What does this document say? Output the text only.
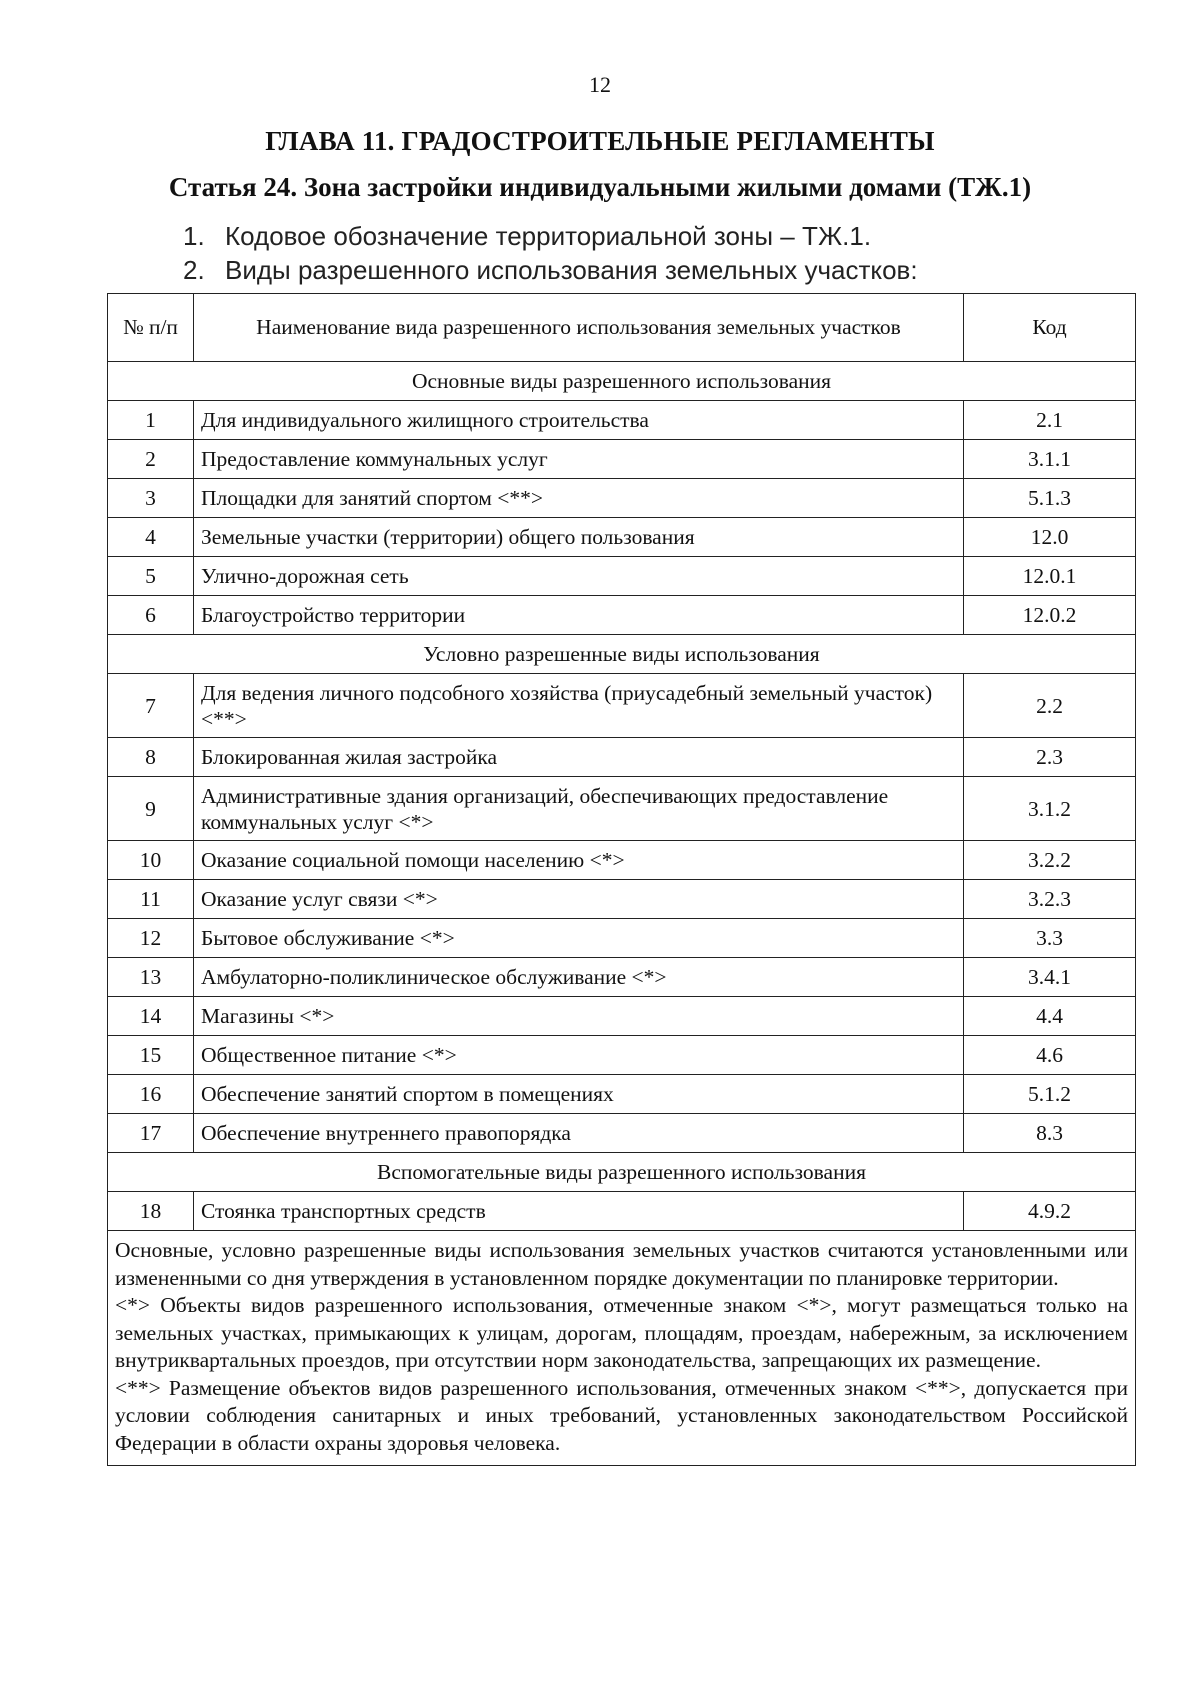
12
ГЛАВА 11. ГРАДОСТРОИТЕЛЬНЫЕ РЕГЛАМЕНТЫ
Статья 24. Зона застройки индивидуальными жилыми домами (ТЖ.1)
1. Кодовое обозначение территориальной зоны – ТЖ.1.
2. Виды разрешенного использования земельных участков:
№ п/п	Наименование вида разрешенного использования земельных участков	Код
Основные виды разрешенного использования		
1	Для индивидуального жилищного строительства	2.1
2	Предоставление коммунальных услуг	3.1.1
3	Площадки для занятий спортом <**>	5.1.3
4	Земельные участки (территории) общего пользования	12.0
5	Улично-дорожная сеть	12.0.1
6	Благоустройство территории	12.0.2
Условно разрешенные виды использования		
7	Для ведения личного подсобного хозяйства (приусадебный земельный участок) <**>	2.2
8	Блокированная жилая застройка	2.3
9	Административные здания организаций, обеспечивающих предоставление коммунальных услуг <*>	3.1.2
10	Оказание социальной помощи населению <*>	3.2.2
11	Оказание услуг связи <*>	3.2.3
12	Бытовое обслуживание <*>	3.3
13	Амбулаторно-поликлиническое обслуживание <*>	3.4.1
14	Магазины <*>	4.4
15	Общественное питание <*>	4.6
16	Обеспечение занятий спортом в помещениях	5.1.2
17	Обеспечение внутреннего правопорядка	8.3
Вспомогательные виды разрешенного использования		
18	Стоянка транспортных средств	4.9.2

Основные, условно разрешенные виды использования земельных участков считаются установленными или измененными со дня утверждения в установленном порядке документации по планировке территории.

<*> Объекты видов разрешенного использования, отмеченные знаком <*>, могут размещаться только на земельных участках, примыкающих к улицам, дорогам, площадям, проездам, набережным, за исключением внутриквартальных проездов, при отсутствии норм законодательства, запрещающих их размещение.

<**> Размещение объектов видов разрешенного использования, отмеченных знаком <**>, допускается при условии соблюдения санитарных и иных требований, установленных законодательством Российской Федерации в области охраны здоровья человека.		
